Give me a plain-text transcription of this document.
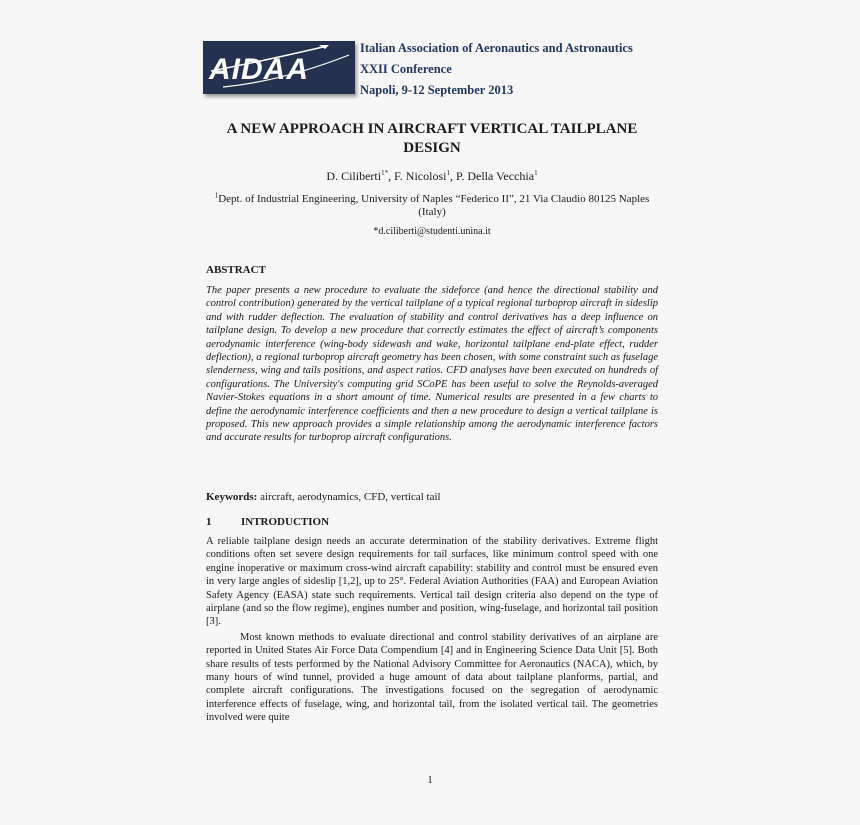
AIDAA
Italian Association of Aeronautics and Astronautics
XXII Conference
Napoli, 9-12 September 2013
A NEW APPROACH IN AIRCRAFT VERTICAL TAILPLANE DESIGN
D. Ciliberti$^{1*}$, F. Nicolosi$^1$, P. Della Vecchia$^1$
$^1$Dept. of Industrial Engineering, University of Naples “Federico II”, 21 Via Claudio 80125 Naples (Italy)
*d.ciliberti@studenti.unina.it
ABSTRACT
The paper presents a new procedure to evaluate the sideforce (and hence the directional stability and control contribution) generated by the vertical tailplane of a typical regional turboprop aircraft in sideslip and with rudder deflection. The evaluation of stability and control derivatives has a deep influence on tailplane design. To develop a new procedure that correctly estimates the effect of aircraft’s components aerodynamic interference (wing-body sidewash and wake, horizontal tailplane end-plate effect, rudder deflection), a regional turboprop aircraft geometry has been chosen, with some constraint such as fuselage slenderness, wing and tails positions, and aspect ratios. CFD analyses have been executed on hundreds of configurations. The University's computing grid SCoPE has been useful to solve the Reynolds-averaged Navier-Stokes equations in a short amount of time. Numerical results are presented in a few charts to define the aerodynamic interference coefficients and then a new procedure to design a vertical tailplane is proposed. This new approach provides a simple relationship among the aerodynamic interference factors and accurate results for turboprop aircraft configurations.
Keywords: aircraft, aerodynamics, CFD, vertical tail
1	INTRODUCTION

A reliable tailplane design needs an accurate determination of the stability derivatives. Extreme flight conditions often set severe design requirements for tail surfaces, like minimum control speed with one engine inoperative or maximum cross-wind aircraft capability: stability and control must be ensured even in very large angles of sideslip [1,2], up to 25°. Federal Aviation Authorities (FAA) and European Aviation Safety Agency (EASA) state such requirements. Vertical tail design criteria also depend on the type of airplane (and so the flow regime), engines number and position, wing-fuselage, and horizontal tail position [3].

Most known methods to evaluate directional and control stability derivatives of an airplane are reported in United States Air Force Data Compendium [4] and in Engineering Science Data Unit [5]. Both share results of tests performed by the National Advisory Committee for Aeronautics (NACA), which, by many hours of wind tunnel, provided a huge amount of data about tailplane planforms, partial, and complete aircraft configurations. The investigations focused on the segregation of aerodynamic interference effects of fuselage, wing, and horizontal tail, from the isolated vertical tail. The geometries involved were quite

1
